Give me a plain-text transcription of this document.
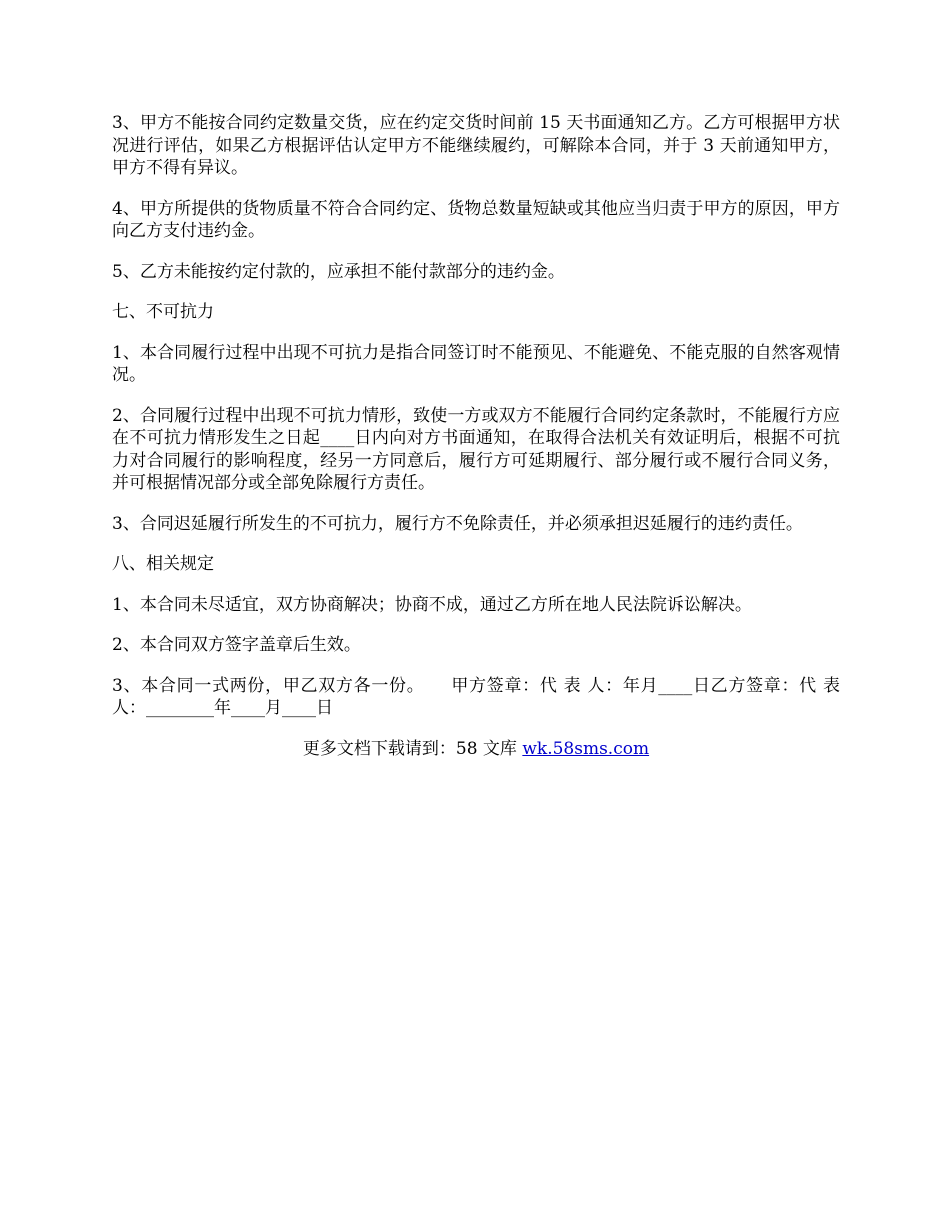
3、甲方不能按合同约定数量交货，应在约定交货时间前 15 天书面通知乙方。乙方可根据甲方状况进行评估，如果乙方根据评估认定甲方不能继续履约，可解除本合同，并于 3 天前通知甲方，甲方不得有异议。

4、甲方所提供的货物质量不符合合同约定、货物总数量短缺或其他应当归责于甲方的原因，甲方向乙方支付违约金。

5、乙方未能按约定付款的，应承担不能付款部分的违约金。

七、不可抗力

1、本合同履行过程中出现不可抗力是指合同签订时不能预见、不能避免、不能克服的自然客观情况。

2、合同履行过程中出现不可抗力情形，致使一方或双方不能履行合同约定条款时，不能履行方应在不可抗力情形发生之日起____日内向对方书面通知，在取得合法机关有效证明后，根据不可抗力对合同履行的影响程度，经另一方同意后，履行方可延期履行、部分履行或不履行合同义务，并可根据情况部分或全部免除履行方责任。

3、合同迟延履行所发生的不可抗力，履行方不免除责任，并必须承担迟延履行的违约责任。

八、相关规定

1、本合同未尽适宜，双方协商解决；协商不成，通过乙方所在地人民法院诉讼解决。

2、本合同双方签字盖章后生效。

3、本合同一式两份，甲乙双方各一份。　　甲方签章：代 表 人：年月____日乙方签章：代 表 人：________年____月____日

更多文档下载请到：58 文库 wk.58sms.com
